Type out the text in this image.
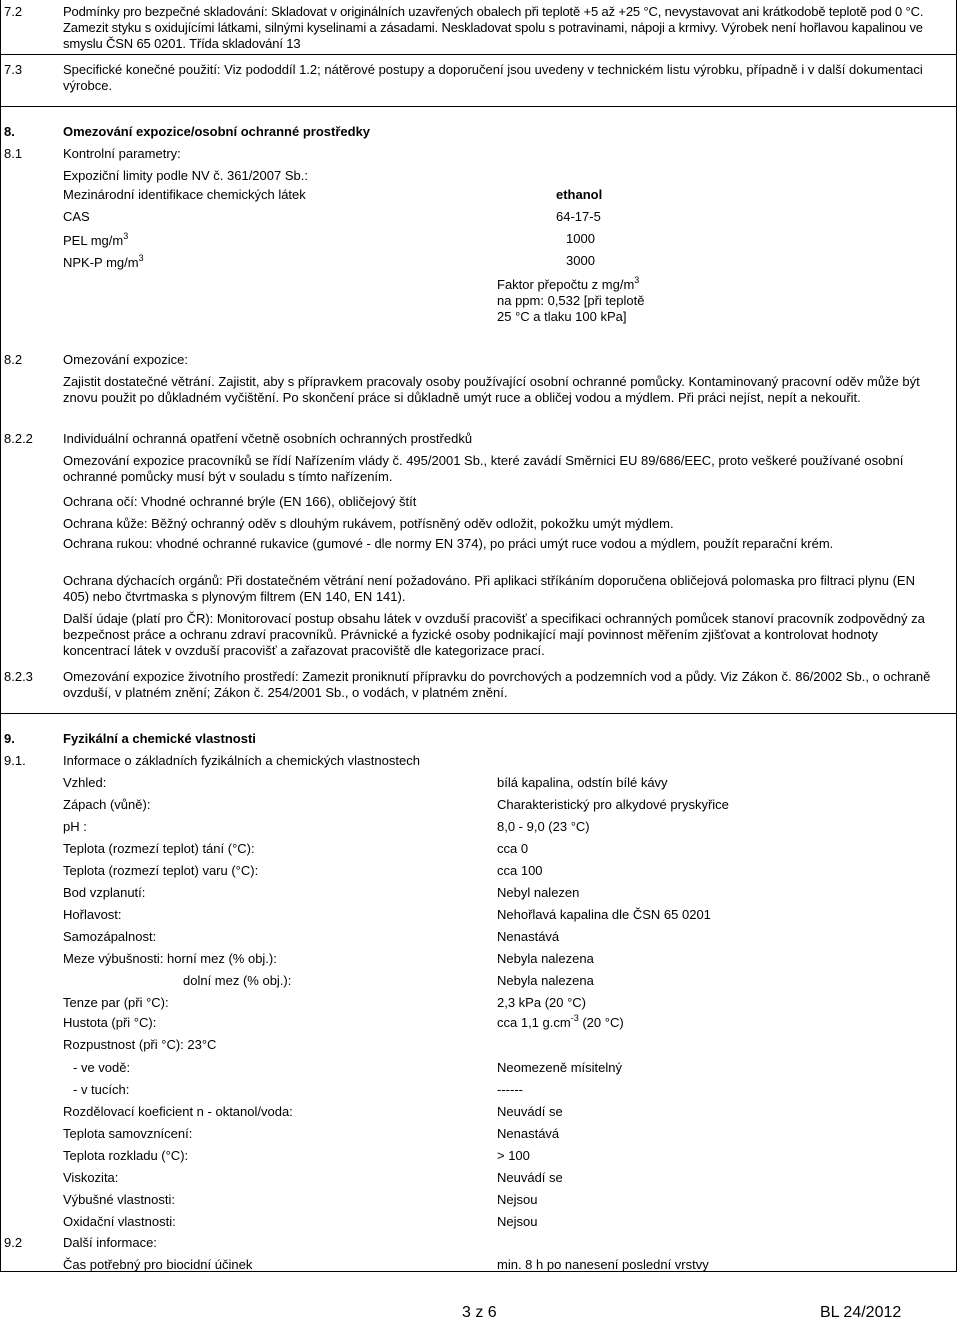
7.2	Podmínky pro bezpečné skladování: Skladovat v originálních uzavřených obalech při teplotě +5 až +25 °C, nevystavovat ani krátkodobě teplotě pod 0 °C. Zamezit styku s oxidujícími látkami, silnými kyselinami a zásadami. Neskladovat spolu s potravinami, nápoji a krmivy. Výrobek není hořlavou kapalinou ve smyslu ČSN 65 0201. Třída skladování 13
7.3	Specifické konečné použití: Viz pododdíl 1.2; nátěrové postupy a doporučení jsou uvedeny v technickém listu výrobku, případně i v další dokumentaci výrobce.
8.	Omezování expozice/osobní ochranné prostředky
8.1	Kontrolní parametry:
Expoziční limity podle NV č. 361/2007 Sb.:
Mezinárodní identifikace chemických látek	ethanol
CAS	64-17-5
PEL $mg/m^3$	1000
NPK-P $mg/m^3$	3000
Faktor přepočtu z $mg/m^3$
na ppm: 0,532 [při teplotě
25 °C a tlaku 100 kPa]
8.2	Omezování expozice:
Zajistit dostatečné větrání. Zajistit, aby s přípravkem pracovaly osoby používající osobní ochranné pomůcky. Kontaminovaný pracovní oděv může být znovu použit po důkladném vyčištění. Po skončení práce si důkladně umýt ruce a obličej vodou a mýdlem. Při práci nejíst, nepít a nekouřit.
8.2.2 Individuální ochranná opatření včetně osobních ochranných prostředků
Omezování expozice pracovníků se řídí Nařízením vlády č. 495/2001 Sb., které zavádí Směrnici EU 89/686/EEC, proto veškeré používané osobní ochranné pomůcky musí být v souladu s tímto nařízením.
Ochrana očí: Vhodné ochranné brýle (EN 166), obličejový štít
Ochrana kůže: Běžný ochranný oděv s dlouhým rukávem, potřísněný oděv odložit, pokožku umýt mýdlem.
Ochrana rukou: vhodné ochranné rukavice (gumové - dle normy EN 374), po práci umýt ruce vodou a mýdlem, použít reparační krém.
Ochrana dýchacích orgánů: Při dostatečném větrání není požadováno. Při aplikaci stříkáním doporučena obličejová polomaska pro filtraci plynu (EN 405) nebo čtvrtmaska s plynovým filtrem (EN 140, EN 141).
Další údaje (platí pro ČR): Monitorovací postup obsahu látek v ovzduší pracovišť a specifikaci ochranných pomůcek stanoví pracovník zodpovědný za bezpečnost práce a ochranu zdraví pracovníků. Právnické a fyzické osoby podnikající mají povinnost měřením zjišťovat a kontrolovat hodnoty koncentrací látek v ovzduší pracovišť a zařazovat pracoviště dle kategorizace prací.
8.2.3 Omezování expozice životního prostředí: Zamezit proniknutí přípravku do povrchových a podzemních vod a půdy. Viz Zákon č. 86/2002 Sb., o ochraně ovzduší, v platném znění; Zákon č. 254/2001 Sb., o vodách, v platném znění.
9.	Fyzikální a chemické vlastnosti
9.1.	Informace o základních fyzikálních a chemických vlastnostech
Vzhled:	bílá kapalina, odstín bílé kávy
Zápach (vůně):	Charakteristický pro alkydové pryskyřice
pH :	8,0 - 9,0 (23 °C)
Teplota (rozmezí teplot) tání (°C):	cca 0
Teplota (rozmezí teplot) varu (°C):	cca 100
Bod vzplanutí:	Nebyl nalezen
Hořlavost:	Nehořlavá kapalina dle ČSN 65 0201
Samozápalnost:	Nenastává
Meze výbušnosti: horní mez (% obj.):	Nebyla nalezena
dolní mez (% obj.):	Nebyla nalezena
Tenze par (při °C):	2,3 kPa (20 °C)
Hustota (při °C):	cca 1,1 $g.cm^{-3}$ (20 °C)
Rozpustnost (při °C): 23°C
- ve vodě:	Neomezeně mísitelný
- v tucích:	------
Rozdělovací koeficient n - oktanol/voda:	Neuvádí se
Teplota samovznícení:	Nenastává
Teplota rozkladu (°C):	> 100
Viskozita:	Neuvádí se
Výbušné vlastnosti:	Nejsou
Oxidační vlastnosti:	Nejsou
9.2	Další informace:
Čas potřebný pro biocidní účinek	min. 8 h po nanesení poslední vrstvy
3 z 6	BL 24/2012
